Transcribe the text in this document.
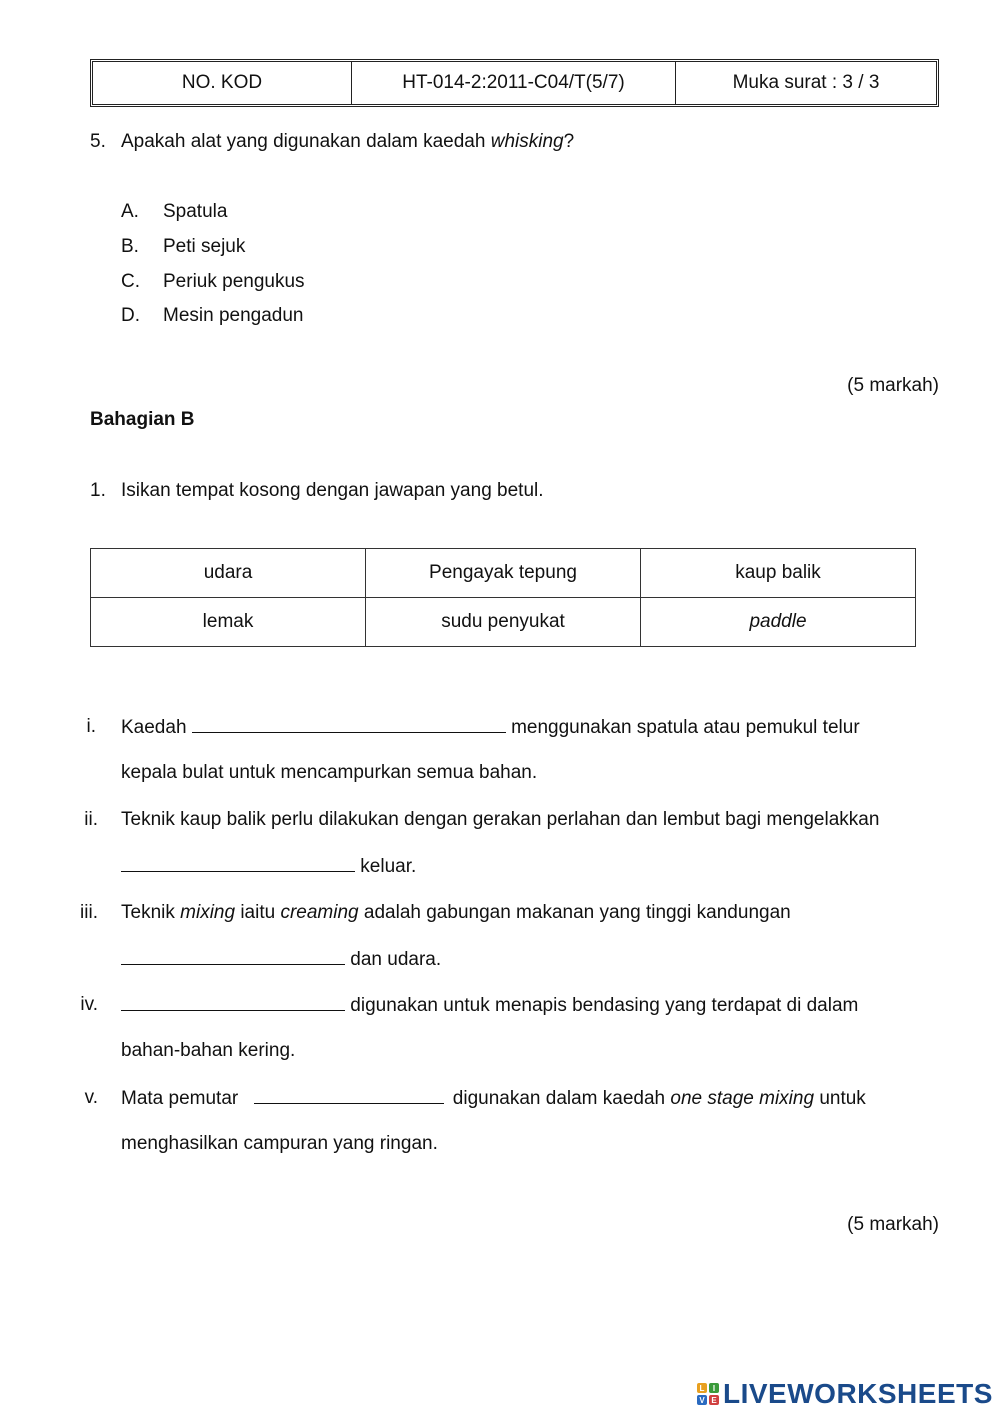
NO. KOD	HT-014-2:2011-C04/T(5/7)	Muka surat : 3 / 3
5. Apakah alat yang digunakan dalam kaedah whisking?
A. Spatula
B. Peti sejuk
C. Periuk pengukus
D. Mesin pengadun
(5 markah)
Bahagian B
1. Isikan tempat kosong dengan jawapan yang betul.
udara	Pengayak tepung	kaup balik
lemak	sudu penyukat	paddle
i. Kaedah	menggunakan spatula atau pemukul telur
kepala bulat untuk mencampurkan semua bahan.
ii. Teknik kaup balik perlu dilakukan dengan gerakan perlahan dan lembut bagi mengelakkan
keluar.
iii. Teknik mixing iaitu creaming adalah gabungan makanan yang tinggi kandungan
dan udara.
iv.	digunakan untuk menapis bendasing yang terdapat di dalam
bahan-bahan kering.
v. Mata pemutar	digunakan dalam kaedah one stage mixing untuk
menghasilkan campuran yang ringan.
(5 markah)
L	I
V E LIVEWORKSHEETS
